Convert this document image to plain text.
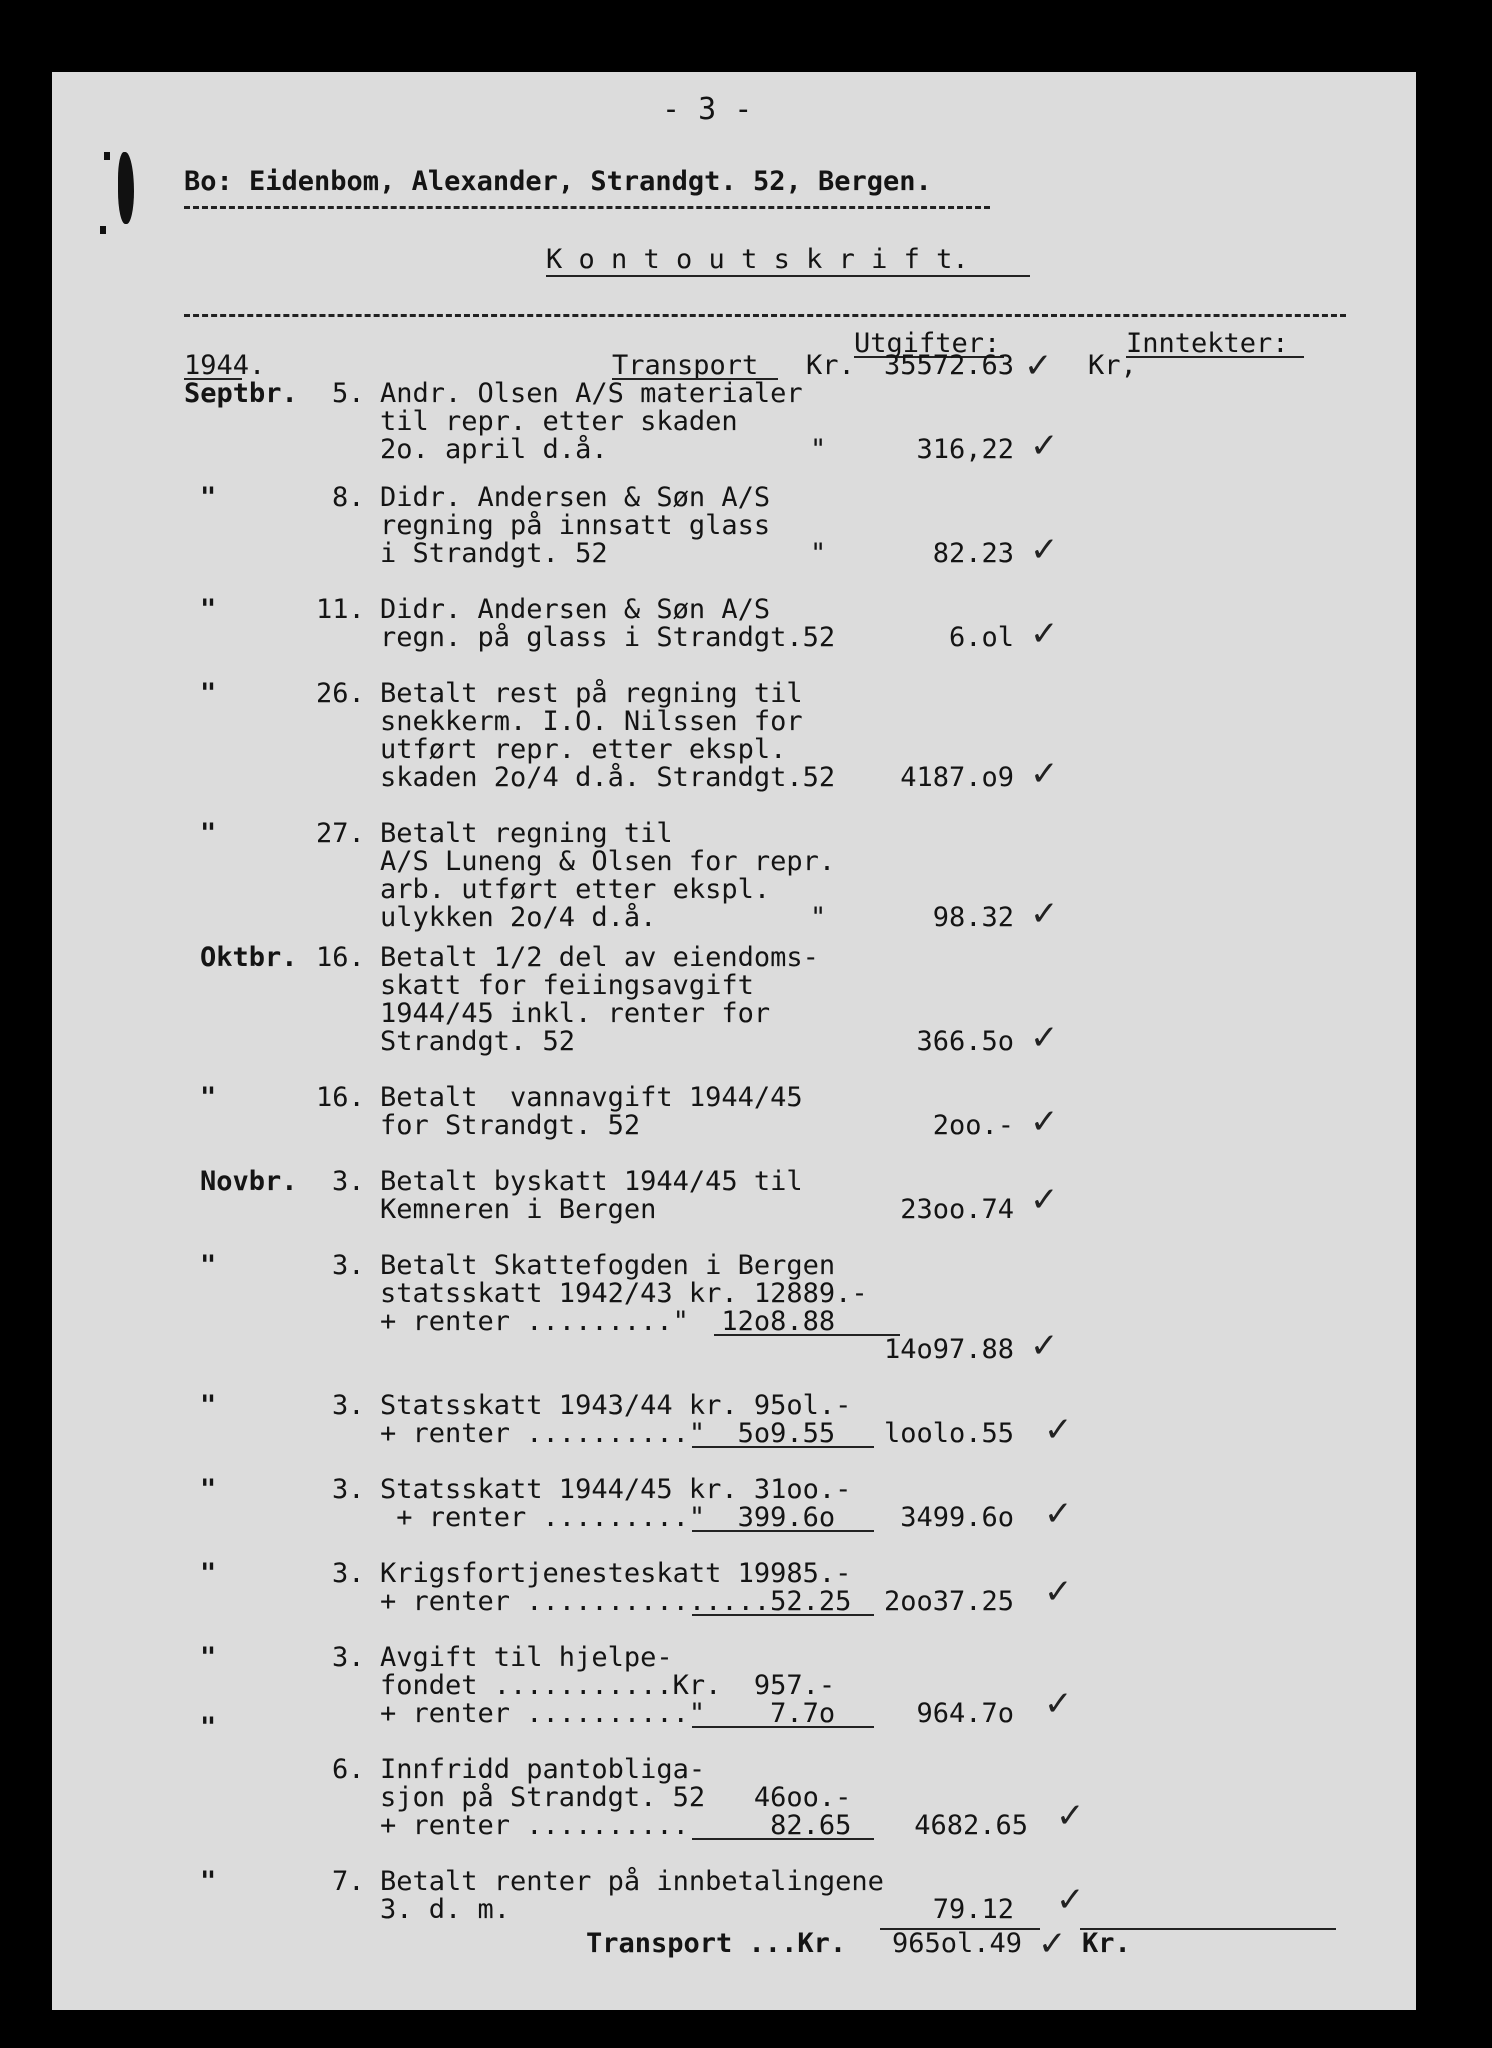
- 3 -
Bo: Eidenbom, Alexander, Strandgt. 52, Bergen.
K o n t o u t s k r i f t.
Utgifter:	Inntekter:
1944.	Transport Kr.	35572.63 ✓ Kr,
Septbr. 5. Andr. Olsen A/S materialer
til repr. etter skaden
2o. april d.å.	"	316,22 ✓
"	8. Didr. Andersen & Søn A/S
regning på innsatt glass
i Strandgt. 52	"	82.23 ✓
"	11. Didr. Andersen & Søn A/S
regn. på glass i Strandgt.52	6.ol ✓
"	26. Betalt rest på regning til
snekkerm. I.O. Nilssen for
utført repr. etter ekspl.
skaden 2o/4 d.å. Strandgt.52	4187.o9 ✓
"	27. Betalt regning til
A/S Luneng & Olsen for repr.
arb. utført etter ekspl.
ulykken 2o/4 d.å.	"	98.32 ✓
Oktbr. 16. Betalt 1/2 del av eiendoms-
skatt for feiingsavgift
1944/45 inkl. renter for
Strandgt. 52	366.5o ✓
"	16. Betalt  vannavgift 1944/45
for Strandgt. 52	2oo.- ✓
Novbr. 3. Betalt byskatt 1944/45 til
Kemneren i Bergen	23oo.74 ✓
"	3. Betalt Skattefogden i Bergen
statsskatt 1942/43 kr. 12889.-
+ renter ........."  12o8.88
14o97.88 ✓
"	3. Statsskatt 1943/44 kr. 95ol.-
+ renter .........."  5o9.55	loolo.55 ✓
"	3. Statsskatt 1944/45 kr. 31oo.-
+ renter ........."  399.6o	3499.6o ✓
"	3. Krigsfortjenesteskatt 19985.-
+ renter ...............52.25	2oo37.25 ✓
"	3. Avgift til hjelpe-
fondet ...........Kr.  957.-
+ renter .........."    7.7o	964.7o ✓
"
6. Innfridd pantobliga-
sjon på Strandgt. 52   46oo.-
+ renter ..........     82.65	4682.65 ✓
"	7. Betalt renter på innbetalingene
3. d. m.	79.12 ✓
Transport ...Kr.	965ol.49 ✓ Kr.
